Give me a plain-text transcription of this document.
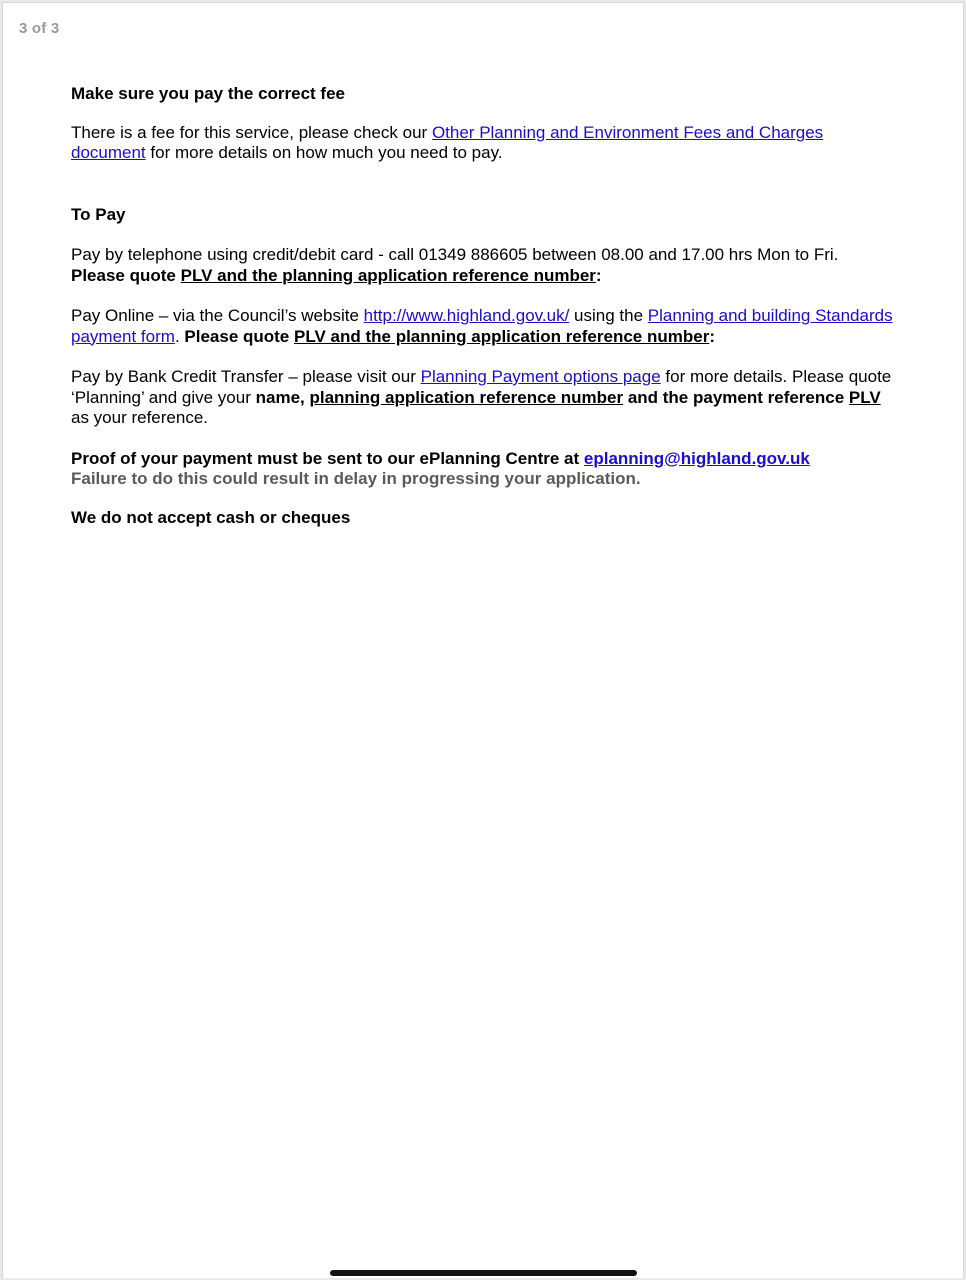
3 of 3
Make sure you pay the correct fee

There is a fee for this service, please check our Other Planning and Environment Fees and Charges document for more details on how much you need to pay.

To Pay

Pay by telephone using credit/debit card - call 01349 886605 between 08.00 and 17.00 hrs Mon to Fri.
Please quote PLV and the planning application reference number:

Pay Online – via the Council’s website http://www.highland.gov.uk/ using the Planning and building Standards payment form. Please quote PLV and the planning application reference number:

Pay by Bank Credit Transfer – please visit our Planning Payment options page for more details. Please quote ‘Planning’ and give your name, planning application reference number and the payment reference PLV as your reference.

Proof of your payment must be sent to our ePlanning Centre at eplanning@highland.gov.uk
Failure to do this could result in delay in progressing your application.

We do not accept cash or cheques
